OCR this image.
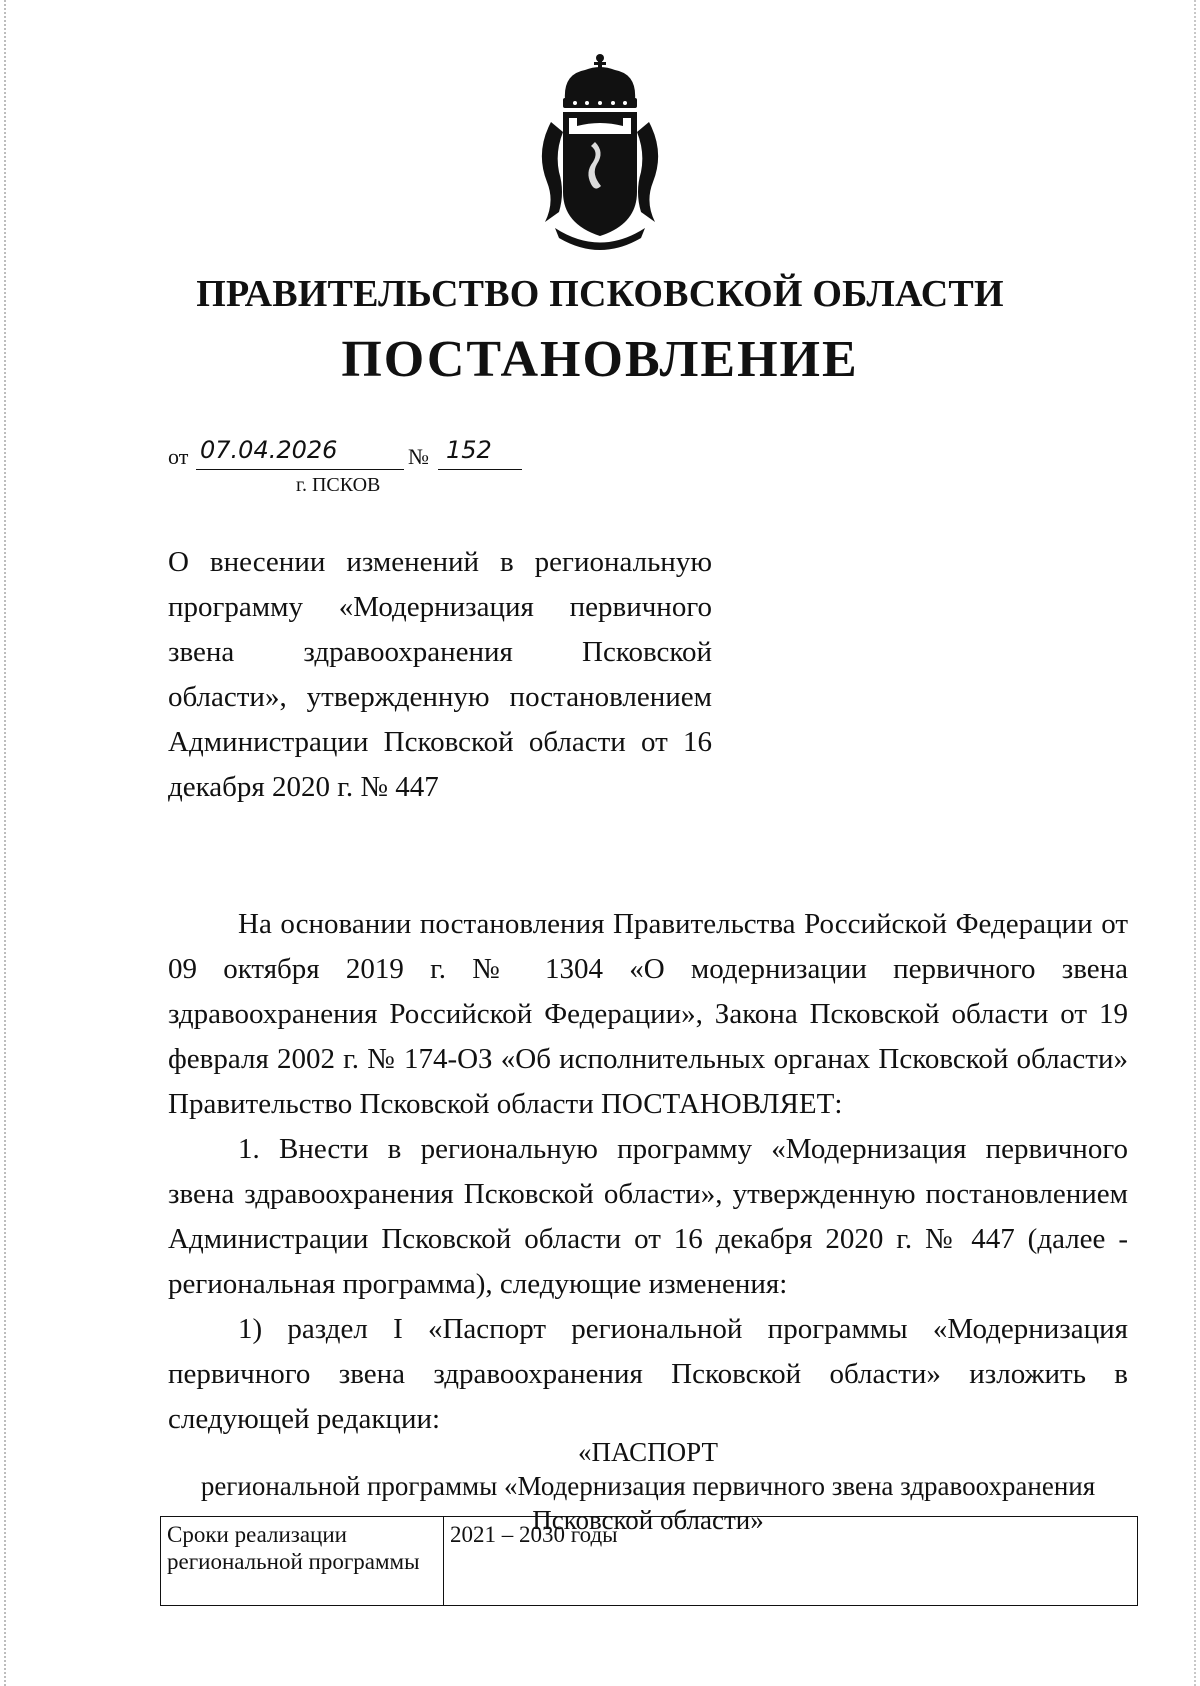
ПРАВИТЕЛЬСТВО ПСКОВСКОЙ ОБЛАСТИ
ПОСТАНОВЛЕНИЕ
от 07.04.2026	№ 152
г. ПСКОВ
О внесении изменений в региональную программу «Модернизация первичного звена здравоохранения Псковской области», утвержденную постановлением Администрации Псковской области от 16 декабря 2020 г. № 447

На основании постановления Правительства Российской Федерации от 09 октября 2019 г. № 1304 «О модернизации первичного звена здравоохранения Российской Федерации», Закона Псковской области от 19 февраля 2002 г. № 174-ОЗ «Об исполнительных органах Псковской области» Правительство Псковской области ПОСТАНОВЛЯЕТ:

1. Внести в региональную программу «Модернизация первичного звена здравоохранения Псковской области», утвержденную постановлением Администрации Псковской области от 16 декабря 2020 г. № 447 (далее - региональная программа), следующие изменения:

1) раздел I «Паспорт региональной программы «Модернизация первичного звена здравоохранения Псковской области» изложить в следующей редакции:

«ПАСПОРТ
региональной программы «Модернизация первичного звена здравоохранения
Псковской области»
Сроки реализации региональной программы	2021 – 2030 годы
